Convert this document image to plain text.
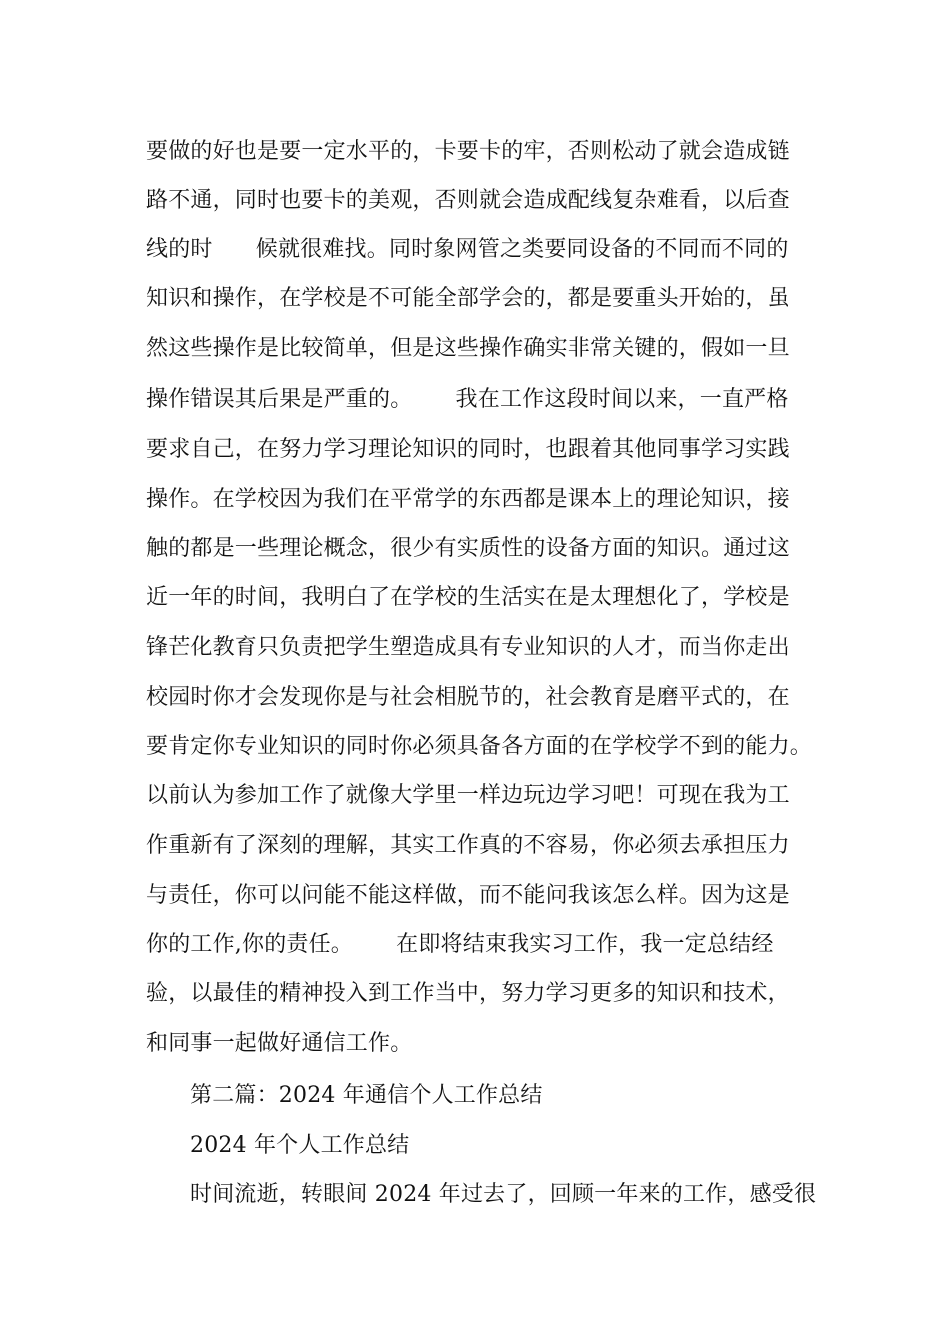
要做的好也是要一定水平的，卡要卡的牢，否则松动了就会造成链
路不通，同时也要卡的美观，否则就会造成配线复杂难看，以后查
线的时      候就很难找。同时象网管之类要同设备的不同而不同的
知识和操作，在学校是不可能全部学会的，都是要重头开始的，虽
然这些操作是比较简单，但是这些操作确实非常关键的，假如一旦
操作错误其后果是严重的。      我在工作这段时间以来，一直严格
要求自己，在努力学习理论知识的同时，也跟着其他同事学习实践
操作。在学校因为我们在平常学的东西都是课本上的理论知识，接
触的都是一些理论概念，很少有实质性的设备方面的知识。通过这
近一年的时间，我明白了在学校的生活实在是太理想化了，学校是
锋芒化教育只负责把学生塑造成具有专业知识的人才，而当你走出
校园时你才会发现你是与社会相脱节的，社会教育是磨平式的，在
要肯定你专业知识的同时你必须具备各方面的在学校学不到的能力。
以前认为参加工作了就像大学里一样边玩边学习吧！可现在我为工
作重新有了深刻的理解，其实工作真的不容易，你必须去承担压力
与责任，你可以问能不能这样做，而不能问我该怎么样。因为这是
你的工作,你的责任。      在即将结束我实习工作，我一定总结经
验，以最佳的精神投入到工作当中，努力学习更多的知识和技术，
和同事一起做好通信工作。
第二篇：2024 年通信个人工作总结
2024 年个人工作总结
时间流逝，转眼间 2024 年过去了，回顾一年来的工作，感受很
